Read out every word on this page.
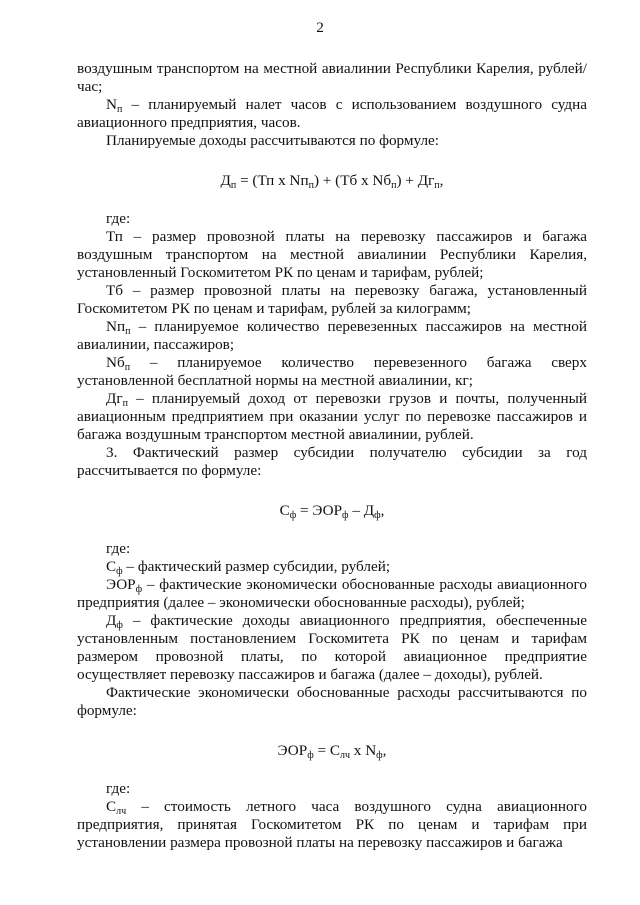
2

воздушным транспортом на местной авиалинии Республики Карелия, рублей/час;

$N_п$ – планируемый налет часов с использованием воздушного судна авиационного предприятия, часов.

Планируемые доходы рассчитываются по формуле:

$Д_п = (Тп$ х $Nп_п) + (Тб$ х $Nб_п) + Дг_п$,

где:

Тп – размер провозной платы на перевозку пассажиров и багажа воздушным транспортом на местной авиалинии Республики Карелия, установленный Госкомитетом РК по ценам и тарифам, рублей;

Тб – размер провозной платы на перевозку багажа, установленный Госкомитетом РК по ценам и тарифам, рублей за килограмм;

$Nп_п$ – планируемое количество перевезенных пассажиров на местной авиалинии, пассажиров;

$Nб_п$ – планируемое количество перевезенного багажа сверх установленной бесплатной нормы на местной авиалинии, кг;

$Дг_п$ – планируемый доход от перевозки грузов и почты, полученный авиационным предприятием при оказании услуг по перевозке пассажиров и багажа воздушным транспортом местной авиалинии, рублей.

3. Фактический размер субсидии получателю субсидии за год рассчитывается по формуле:

$С_ф = ЭОР_ф - Д_ф$,

где:

$С_ф$ – фактический размер субсидии, рублей;

$ЭОР_ф$ – фактические экономически обоснованные расходы авиационного предприятия (далее – экономически обоснованные расходы), рублей;

$Д_ф$ – фактические доходы авиационного предприятия, обеспеченные установленным постановлением Госкомитета РК по ценам и тарифам размером провозной платы, по которой авиационное предприятие осуществляет перевозку пассажиров и багажа (далее – доходы), рублей.

Фактические экономически обоснованные расходы рассчитываются по формуле:

$ЭОР_ф = С_{лч}$ х $N_ф$,

где:

$С_{лч}$ – стоимость летного часа воздушного судна авиационного предприятия, принятая Госкомитетом РК по ценам и тарифам при установлении размера провозной платы на перевозку пассажиров и багажа
